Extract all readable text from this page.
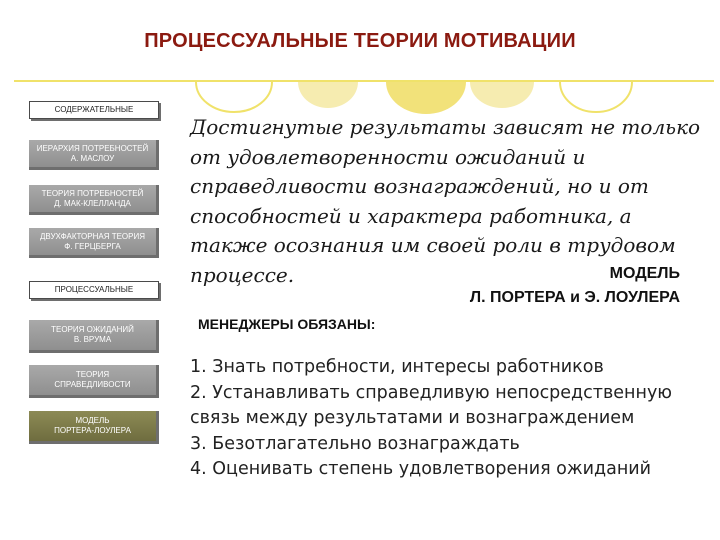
ПРОЦЕССУАЛЬНЫЕ ТЕОРИИ МОТИВАЦИИ
СОДЕРЖАТЕЛЬНЫЕ
ИЕРАРХИЯ ПОТРЕБНОСТЕЙ
А. МАСЛОУ
ТЕОРИЯ ПОТРЕБНОСТЕЙ
Д. МАК-КЛЕЛЛАНДА
ДВУХФАКТОРНАЯ ТЕОРИЯ
Ф. ГЕРЦБЕРГА
ПРОЦЕССУАЛЬНЫЕ
ТЕОРИЯ ОЖИДАНИЙ
В. ВРУМА
ТЕОРИЯ
СПРАВЕДЛИВОСТИ
МОДЕЛЬ
ПОРТЕРА-ЛОУЛЕРА

Достигнутые результаты зависят не только от удовлетворенности ожиданий и справедливости вознаграждений, но и от способностей и характера работника, а также осознания им своей роли в трудовом процессе.	МОДЕЛЬ
Л. ПОРТЕРА и Э. ЛОУЛЕРА
МЕНЕДЖЕРЫ ОБЯЗАНЫ:
1. Знать потребности, интересы работников
2. Устанавливать справедливую непосредственную связь между результатами и вознаграждением
3. Безотлагательно вознаграждать
4. Оценивать степень удовлетворения ожиданий
